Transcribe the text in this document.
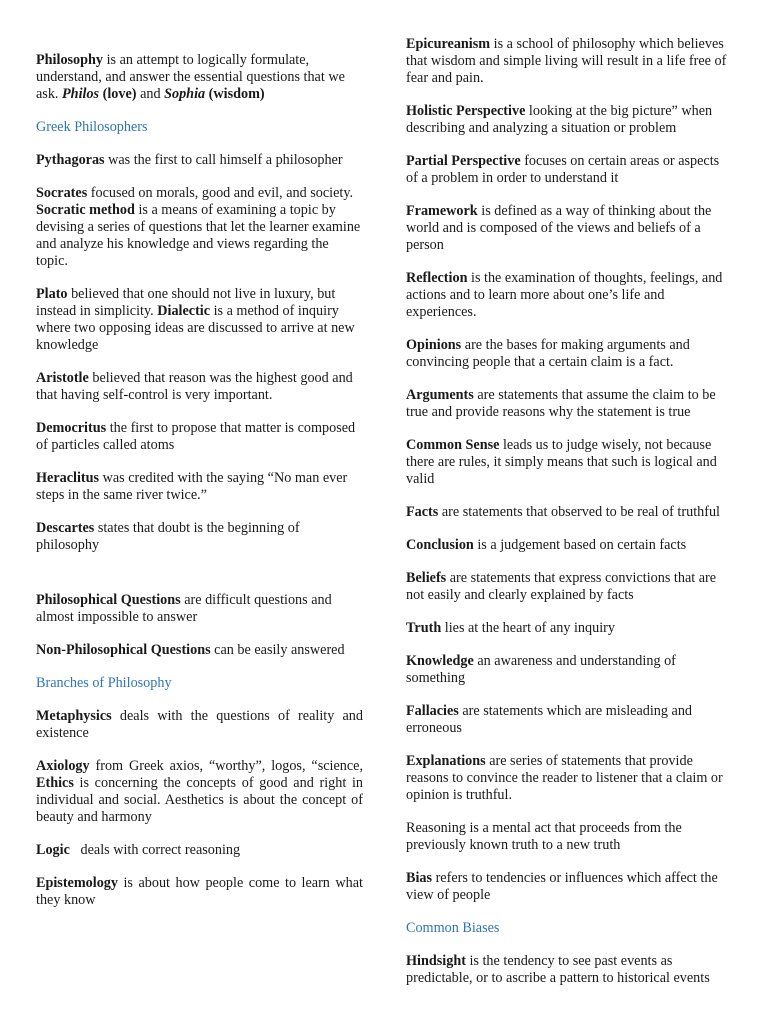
Philosophy is an attempt to logically formulate, understand, and answer the essential questions that we ask. Philos (love) and Sophia (wisdom)

Greek Philosophers

Pythagoras was the first to call himself a philosopher

Socrates focused on morals, good and evil, and society. Socratic method is a means of examining a topic by devising a series of questions that let the learner examine and analyze his knowledge and views regarding the topic.

Plato believed that one should not live in luxury, but instead in simplicity. Dialectic is a method of inquiry where two opposing ideas are discussed to arrive at new knowledge

Aristotle believed that reason was the highest good and that having self-control is very important.

Democritus the first to propose that matter is composed of particles called atoms

Heraclitus was credited with the saying “No man ever steps in the same river twice.”

Descartes states that doubt is the beginning of philosophy

Philosophical Questions are difficult questions and almost impossible to answer

Non-Philosophical Questions can be easily answered

Branches of Philosophy

Metaphysics deals with the questions of reality and existence

Axiology from Greek axios, “worthy”, logos, “science, Ethics is concerning the concepts of good and right in individual and social. Aesthetics is about the concept of beauty and harmony

Logic   deals with correct reasoning

Epistemology is about how people come to learn what they know

Epicureanism is a school of philosophy which believes that wisdom and simple living will result in a life free of fear and pain.

Holistic Perspective looking at the big picture” when describing and analyzing a situation or problem

Partial Perspective focuses on certain areas or aspects of a problem in order to understand it

Framework is defined as a way of thinking about the world and is composed of the views and beliefs of a person

Reflection is the examination of thoughts, feelings, and actions and to learn more about one’s life and experiences.

Opinions are the bases for making arguments and convincing people that a certain claim is a fact.

Arguments are statements that assume the claim to be true and provide reasons why the statement is true

Common Sense leads us to judge wisely, not because there are rules, it simply means that such is logical and valid

Facts are statements that observed to be real of truthful

Conclusion is a judgement based on certain facts

Beliefs are statements that express convictions that are not easily and clearly explained by facts

Truth lies at the heart of any inquiry

Knowledge an awareness and understanding of something

Fallacies are statements which are misleading and erroneous

Explanations are series of statements that provide reasons to convince the reader to listener that a claim or opinion is truthful.

Reasoning is a mental act that proceeds from the previously known truth to a new truth

Bias refers to tendencies or influences which affect the view of people

Common Biases

Hindsight is the tendency to see past events as predictable, or to ascribe a pattern to historical events
